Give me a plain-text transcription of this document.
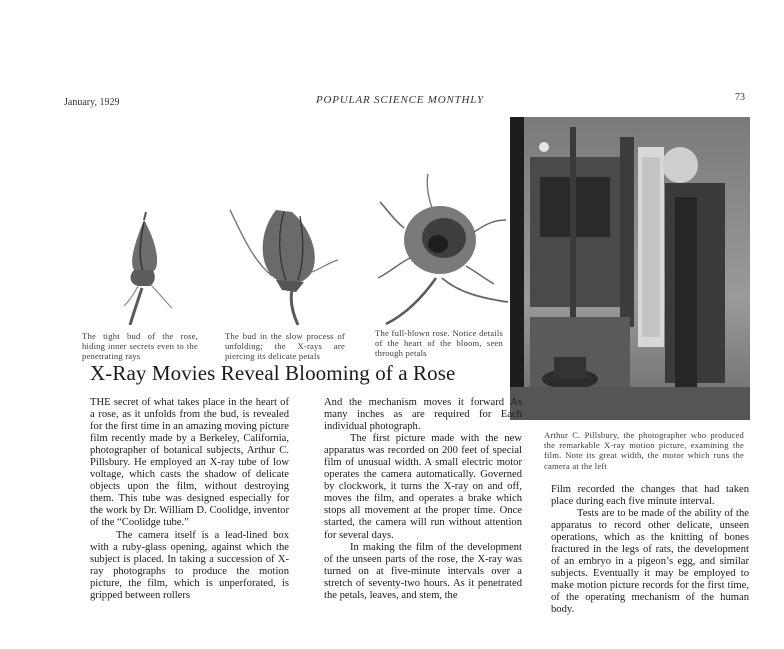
January, 1929	POPULAR SCIENCE MONTHLY	73
The tight bud of the rose, hiding inner secrets even to the penetrating rays
The bud in the slow process of unfolding; the X-rays are piercing its delicate petals
The full-blown rose. Notice details of the heart of the bloom, seen through petals
Arthur C. Pillsbury, the photographer who produced the remarkable X-ray motion picture, examining the film. Note its great width, the motor which runs the camera at the left
X-Ray Movies Reveal Blooming of a Rose

THE secret of what takes place in the heart of a rose, as it unfolds from the bud, is revealed for the first time in an amazing moving picture film recently made by a Berkeley, California, photographer of botanical subjects, Arthur C. Pillsbury. He employed an X-ray tube of low voltage, which casts the shadow of delicate objects upon the film, without destroying them. This tube was designed especially for the work by Dr. William D. Coolidge, inventor of the “Coolidge tube.”

The camera itself is a lead-lined box with a ruby-glass opening, against which the subject is placed. In taking a succession of X-ray photographs to produce the motion picture, the film, which is unperforated, is gripped between rollers

And the mechanism moves it forward As many inches as are required for Each individual photograph.

The first picture made with the new apparatus was recorded on 200 feet of special film of unusual width. A small electric motor operates the camera automatically. Governed by clockwork, it turns the X-ray on and off, moves the film, and operates a brake which stops all movement at the proper time. Once started, the camera will run without attention for several days.

In making the film of the development of the unseen parts of the rose, the X-ray was turned on at five-minute intervals over a stretch of seventy-two hours. As it penetrated the petals, leaves, and stem, the

Film recorded the changes that had taken place during each five minute interval.

Tests are to be made of the ability of the apparatus to record other delicate, unseen operations, which as the knitting of bones fractured in the legs of rats, the development of an embryo in a pigeon’s egg, and similar subjects. Eventually it may be employed to make motion picture records for the first time, of the operating mechanism of the human body.
